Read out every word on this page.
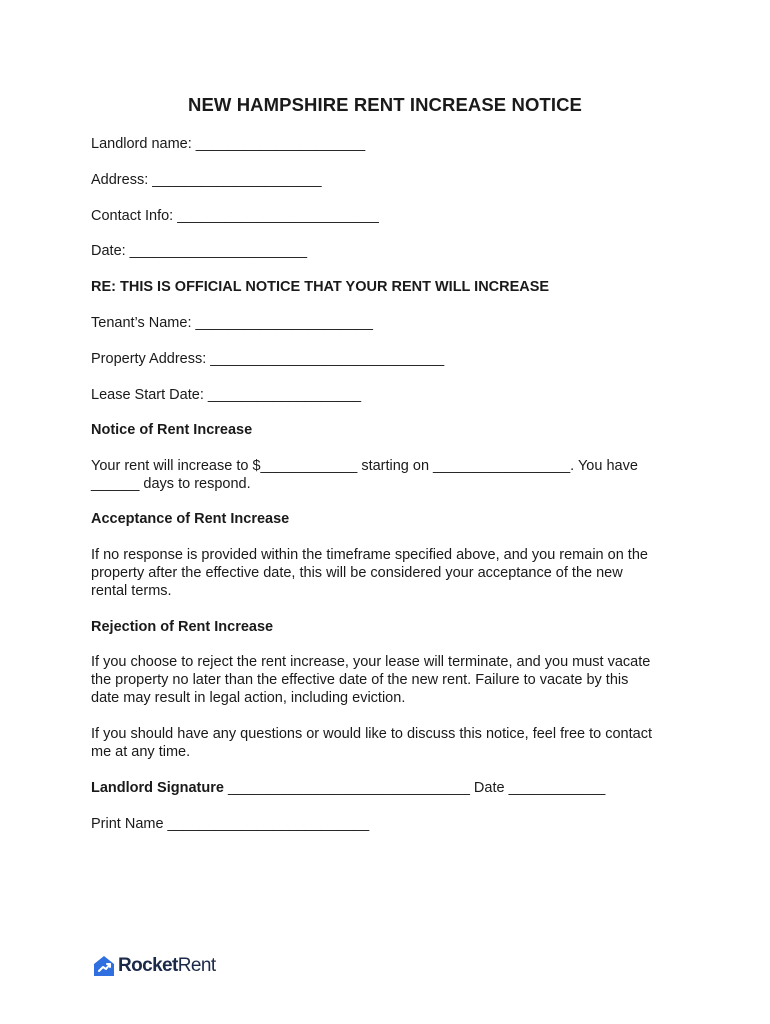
NEW HAMPSHIRE RENT INCREASE NOTICE
Landlord name: _____________________
Address: _____________________
Contact Info: _________________________
Date: ______________________
RE: THIS IS OFFICIAL NOTICE THAT YOUR RENT WILL INCREASE
Tenant’s Name: ______________________
Property Address: _____________________________
Lease Start Date: ___________________
Notice of Rent Increase
Your rent will increase to $____________ starting on _________________. You have
______ days to respond.
Acceptance of Rent Increase
If no response is provided within the timeframe specified above, and you remain on the
property after the effective date, this will be considered your acceptance of the new
rental terms.
Rejection of Rent Increase
If you choose to reject the rent increase, your lease will terminate, and you must vacate
the property no later than the effective date of the new rent. Failure to vacate by this
date may result in legal action, including eviction.
If you should have any questions or would like to discuss this notice, feel free to contact
me at any time.
Landlord Signature ______________________________ Date ____________
Print Name _________________________
RocketRent
